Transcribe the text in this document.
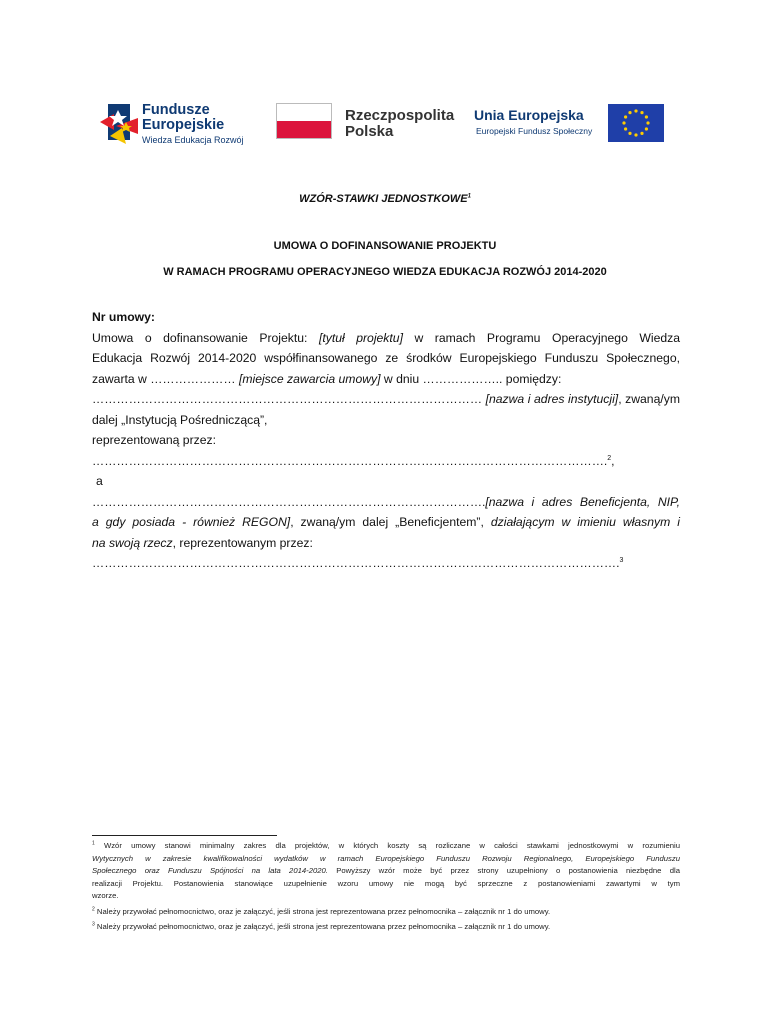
Fundusze
Europejskie
Wiedza Edukacja Rozwój
Rzeczpospolita
Polska
Unia Europejska
Europejski Fundusz Społeczny
WZÓR-STAWKI JEDNOSTKOWE$^1$
UMOWA O DOFINANSOWANIE PROJEKTU
W RAMACH PROGRAMU OPERACYJNEGO WIEDZA EDUKACJA ROZWÓJ 2014-2020
Nr umowy:
Umowa o dofinansowanie Projektu: [tytuł projektu] w ramach Programu Operacyjnego Wiedza
Edukacja Rozwój 2014-2020 współfinansowanego ze środków Europejskiego Funduszu Społecznego,
zawarta w ………………… [miejsce zawarcia umowy] w dniu ……………….. pomiędzy:
…………………………………………………………………………………… [nazwa i adres instytucji], zwaną/ym
dalej „Instytucją Pośredniczącą”,
reprezentowaną przez:
……………………………………………………………………………………………………………….$^2$,
a
…………………………………………………………………………………….[nazwa i adres Beneficjenta, NIP,
a gdy posiada - również REGON], zwaną/ym dalej „Beneficjentem”, działającym w imieniu własnym i
na swoją rzecz, reprezentowanym przez:
………………………………………………………………………………………………………………….$^3$
$^1$ Wzór umowy stanowi minimalny zakres dla projektów, w których koszty są rozliczane w całości stawkami jednostkowymi w rozumieniu
Wytycznych w zakresie kwalifikowalności wydatków w ramach Europejskiego Funduszu Rozwoju Regionalnego, Europejskiego Funduszu
Społecznego oraz Funduszu Spójności na lata 2014-2020. Powyższy wzór może być przez strony uzupełniony o postanowienia niezbędne dla
realizacji Projektu. Postanowienia stanowiące uzupełnienie wzoru umowy nie mogą być sprzeczne z postanowieniami zawartymi w tym
wzorze.
$^2$ Należy przywołać pełnomocnictwo, oraz je załączyć, jeśli strona jest reprezentowana przez pełnomocnika – załącznik nr 1 do umowy.
$^3$ Należy przywołać pełnomocnictwo, oraz je załączyć, jeśli strona jest reprezentowana przez pełnomocnika – załącznik nr 1 do umowy.
